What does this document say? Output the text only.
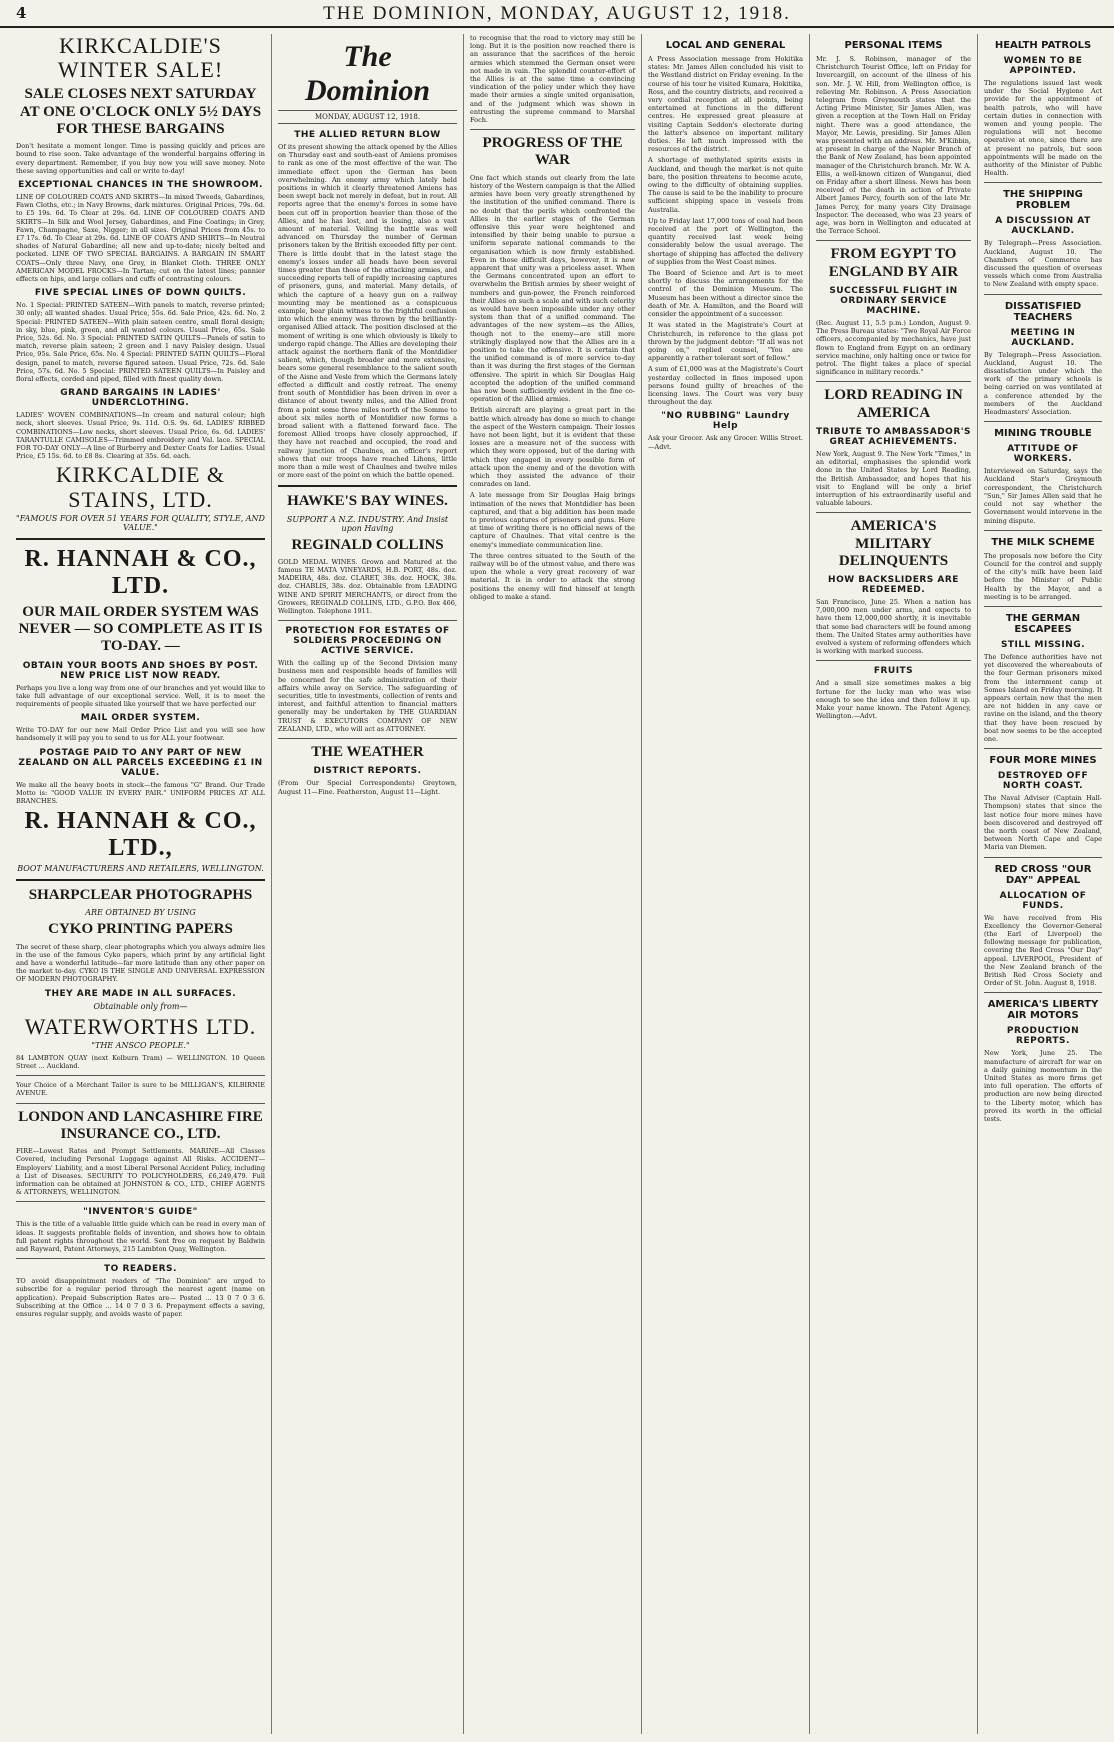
4	THE DOMINION, MONDAY, AUGUST 12, 1918.
KIRKCALDIE'S WINTER SALE!
SALE CLOSES NEXT SATURDAY AT ONE O'CLOCK ONLY 5½ DAYS FOR THESE BARGAINS

Don't hesitate a moment longer. Time is passing quickly and prices are bound to rise soon. Take advantage of the wonderful bargains offering in every department. Remember, if you buy now you will save money. Note these saving opportunities and call or write to-day!

EXCEPTIONAL CHANCES IN THE SHOWROOM.

LINE OF COLOURED COATS AND SKIRTS—In mixed Tweeds, Gabardines, Fawn Cloths, etc.; in Navy Browns, dark mixtures. Original Prices, 79s. 6d. to £5 19s. 6d. To Clear at 29s. 6d. LINE OF COLOURED COATS AND SKIRTS—In Silk and Wool Jersey, Gabardines, and Fine Coatings; in Grey, Fawn, Champagne, Saxe, Nigger; in all sizes. Original Prices from 45s. to £7 17s. 6d. To Clear at 29s. 6d. LINE OF COATS AND SHIRTS—In Neutral shades of Natural Gabardine; all new and up-to-date; nicely belted and pocketed. LINE OF TWO SPECIAL BARGAINS. A BARGAIN IN SMART COATS—Only three Navy, one Grey, in Blanket Cloth. THREE ONLY AMERICAN MODEL FROCKS—In Tartan; cut on the latest lines; pannier effects on hips, and large collars and cuffs of contrasting colours.

FIVE SPECIAL LINES OF DOWN QUILTS.

No. 1 Special: PRINTED SATEEN—With panels to match, reverse printed; 30 only; all wanted shades. Usual Price, 55s. 6d. Sale Price, 42s. 6d. No. 2 Special: PRINTED SATEEN—With plain sateen centre, small floral design; in sky, blue, pink, green, and all wanted colours. Usual Price, 65s. Sale Price, 52s. 6d. No. 3 Special: PRINTED SATIN QUILTS—Panels of satin to match, reverse plain sateen; 2 green and 1 navy Paisley design. Usual Price, 95s. Sale Price, 65s. No. 4 Special: PRINTED SATIN QUILTS—Floral design, panel to match, reverse figured sateen. Usual Price, 72s. 6d. Sale Price, 57s. 6d. No. 5 Special: PRINTED SATEEN QUILTS—In Paisley and floral effects, corded and piped, filled with finest quality down.

GRAND BARGAINS IN LADIES' UNDERCLOTHING.

LADIES' WOVEN COMBINATIONS—In cream and natural colour; high neck, short sleeves. Usual Price, 9s. 11d. O.S. 9s. 6d. LADIES' RIBBED COMBINATIONS—Low necks, short sleeves. Usual Price, 6s. 6d. LADIES' TARANTULLE CAMISOLES—Trimmed embroidery and Val. lace. SPECIAL FOR TO-DAY ONLY—A line of Burberry and Dexter Coats for Ladies. Usual Price, £5 15s. 6d. to £8 8s. Clearing at 35s. 6d. each.

KIRKCALDIE & STAINS, LTD.
"FAMOUS FOR OVER 51 YEARS FOR QUALITY, STYLE, AND VALUE."
R. HANNAH & CO., LTD.
OUR MAIL ORDER SYSTEM WAS NEVER — SO COMPLETE AS IT IS TO-DAY. —
OBTAIN YOUR BOOTS AND SHOES BY POST. NEW PRICE LIST NOW READY.

Perhaps you live a long way from one of our branches and yet would like to take full advantage of our exceptional service. Well, it is to meet the requirements of people situated like yourself that we have perfected our

MAIL ORDER SYSTEM.

Write TO-DAY for our new Mail Order Price List and you will see how handsomely it will pay you to send to us for ALL your footwear.

POSTAGE PAID TO ANY PART OF NEW ZEALAND ON ALL PARCELS EXCEEDING £1 IN VALUE.

We make all the heavy boots in stock—the famous "G" Brand. Our Trade Motto is: "GOOD VALUE IN EVERY PAIR." UNIFORM PRICES AT ALL BRANCHES.

R. HANNAH & CO., LTD.,
BOOT MANUFACTURERS AND RETAILERS, WELLINGTON.
SHARPCLEAR PHOTOGRAPHS
ARE OBTAINED BY USING
CYKO PRINTING PAPERS

The secret of these sharp, clear photographs which you always admire lies in the use of the famous Cyko papers, which print by any artificial light and have a wonderful latitude—far more latitude than any other paper on the market to-day. CYKO IS THE SINGLE AND UNIVERSAL EXPRESSION OF MODERN PHOTOGRAPHY.

THEY ARE MADE IN ALL SURFACES.
Obtainable only from—
WATERWORTHS LTD.
"THE ANSCO PEOPLE."

84 LAMBTON QUAY (next Kelburn Tram) — WELLINGTON. 10 Queen Street ... Auckland.

Your Choice of a Merchant Tailor is sure to be MILLIGAN'S, KILBIRNIE AVENUE.

LONDON AND LANCASHIRE FIRE INSURANCE CO., LTD.

FIRE—Lowest Rates and Prompt Settlements. MARINE—All Classes Covered, including Personal Luggage against All Risks. ACCIDENT—Employers' Liability, and a most Liberal Personal Accident Policy, including a List of Diseases. SECURITY TO POLICYHOLDERS, £6,249,479. Full information can be obtained at JOHNSTON & CO., LTD., CHIEF AGENTS & ATTORNEYS, WELLINGTON.

"INVENTOR'S GUIDE"

This is the title of a valuable little guide which can be read in every man of ideas. It suggests profitable fields of invention, and shows how to obtain full patent rights throughout the world. Sent free on request by Baldwin and Rayward, Patent Attorneys, 215 Lambton Quay, Wellington.

TO READERS.

TO avoid disappointment readers of "The Dominion" are urged to subscribe for a regular period through the nearest agent (name on application). Prepaid Subscription Rates are— Posted ... 13 0 7 0 3 6. Subscribing at the Office ... 14 0 7 0 3 6. Prepayment effects a saving, ensures regular supply, and avoids waste of paper.

The Dominion
MONDAY, AUGUST 12, 1918.
THE ALLIED RETURN BLOW

Of its present showing the attack opened by the Allies on Thursday east and south-east of Amiens promises to rank as one of the most effective of the war. The immediate effect upon the German has been overwhelming. An enemy army which lately held positions in which it clearly threatened Amiens has been swept back not merely in defeat, but in rout. All reports agree that the enemy's forces in some have been cut off in proportion heavier than those of the Allies, and he has lost, and is losing, also a vast amount of material. Veiling the battle was well advanced on Thursday the number of German prisoners taken by the British exceeded fifty per cent. There is little doubt that in the latest stage the enemy's losses under all heads have been several times greater than those of the attacking armies, and succeeding reports tell of rapidly increasing captures of prisoners, guns, and material. Many details, of which the capture of a heavy gun on a railway mounting may be mentioned as a conspicuous example, bear plain witness to the frightful confusion into which the enemy was thrown by the brilliantly-organised Allied attack. The position disclosed at the moment of writing is one which obviously is likely to undergo rapid change. The Allies are developing their attack against the northern flank of the Montdidier salient, which, though broader and more extensive, bears some general resemblance to the salient south of the Aisne and Vesle from which the Germans lately effected a difficult and costly retreat. The enemy front south of Montdidier has been driven in over a distance of about twenty miles, and the Allied front from a point some three miles north of the Somme to about six miles north of Montdidier now forms a broad salient with a flattened forward face. The foremost Allied troops have closely approached, if they have not reached and occupied, the road and railway junction of Chaulnes, an officer's report shows that our troops have reached Lihons, little more than a mile west of Chaulnes and twelve miles or more east of the point on which the battle opened.

HAWKE'S BAY WINES.
SUPPORT A N.Z. INDUSTRY. And Insist upon Having
REGINALD COLLINS

GOLD MEDAL WINES. Grown and Matured at the famous TE MATA VINEYARDS, H.B. PORT, 48s. doz. MADEIRA, 48s. doz. CLARET, 38s. doz. HOCK, 38s. doz. CHABLIS, 38s. doz. Obtainable from LEADING WINE AND SPIRIT MERCHANTS, or direct from the Growers, REGINALD COLLINS, LTD., G.P.O. Box 466, Wellington. Telephone 1911.

PROTECTION FOR ESTATES OF SOLDIERS PROCEEDING ON ACTIVE SERVICE.

With the calling up of the Second Division many business men and responsible heads of families will be concerned for the safe administration of their affairs while away on Service. The safeguarding of securities, title to investments, collection of rents and interest, and faithful attention to financial matters generally may be undertaken by THE GUARDIAN TRUST & EXECUTORS COMPANY OF NEW ZEALAND, LTD., who will act as ATTORNEY.

THE WEATHER
DISTRICT REPORTS.

(From Our Special Correspondents) Greytown, August 11—Fine. Featherston, August 11—Light.

to recognise that the road to victory may still be long. But it is the position now reached there is an assurance that the sacrifices of the heroic armies which stemmed the German onset were not made in vain. The splendid counter-effort of the Allies is at the same time a convincing vindication of the policy under which they have made their armies a single united organisation, and of the judgment which was shown in entrusting the supreme command to Marshal Foch.

PROGRESS OF THE WAR

One fact which stands out clearly from the late history of the Western campaign is that the Allied armies have been very greatly strengthened by the institution of the unified command. There is no doubt that the perils which confronted the Allies in the earlier stages of the German offensive this year were heightened and intensified by their being unable to pursue a uniform separate national commands to the organisation which is now firmly established. Even in those difficult days, however, it is now apparent that unity was a priceless asset. When the Germans concentrated upon an effort to overwhelm the British armies by sheer weight of numbers and gun-power, the French reinforced their Allies on such a scale and with such celerity as would have been impossible under any other system than that of a unified command. The advantages of the new system—as the Allies, though not to the enemy—are still more strikingly displayed now that the Allies are in a position to take the offensive. It is certain that the unified command is of more service to-day than it was during the first stages of the German offensive. The spirit in which Sir Douglas Haig accepted the adoption of the unified command has now been sufficiently evident in the fine co-operation of the Allied armies.

British aircraft are playing a great part in the battle which already has done so much to change the aspect of the Western campaign. Their losses have not been light, but it is evident that these losses are a measure not of the success with which they were opposed, but of the daring with which they engaged in every possible form of attack upon the enemy and of the devotion with which they assisted the advance of their comrades on land.

A late message from Sir Douglas Haig brings intimation of the news that Montdidier has been captured, and that a big addition has been made to previous captures of prisoners and guns. Here at time of writing there is no official news of the capture of Chaulnes. That vital centre is the enemy's immediate communication line.

The three centres situated to the South of the railway will be of the utmost value, and there was upon the whole a very great recovery of war material. It is in order to attack the strong positions the enemy will find himself at length obliged to make a stand.

LOCAL AND GENERAL

A Press Association message from Hokitika states: Mr. James Allen concluded his visit to the Westland district on Friday evening. In the course of his tour he visited Kumara, Hokitika, Ross, and the country districts, and received a very cordial reception at all points, being entertained at functions in the different centres. He expressed great pleasure at visiting Captain Seddon's electorate during the latter's absence on important military duties. He left much impressed with the resources of the district.

A shortage of methylated spirits exists in Auckland, and though the market is not quite bare, the position threatens to become acute, owing to the difficulty of obtaining supplies. The cause is said to be the inability to procure sufficient shipping space in vessels from Australia.

Up to Friday last 17,000 tons of coal had been received at the port of Wellington, the quantity received last week being considerably below the usual average. The shortage of shipping has affected the delivery of supplies from the West Coast mines.

The Board of Science and Art is to meet shortly to discuss the arrangements for the control of the Dominion Museum. The Museum has been without a director since the death of Mr. A. Hamilton, and the Board will consider the appointment of a successor.

It was stated in the Magistrate's Court at Christchurch, in reference to the glass pot thrown by the judgment debtor: "If all was not going on," replied counsel, "You are apparently a rather tolerant sort of fellow."

A sum of £1,000 was at the Magistrate's Court yesterday collected in fines imposed upon persons found guilty of breaches of the licensing laws. The Court was very busy throughout the day.

"NO RUBBING" Laundry Help

Ask your Grocer. Ask any Grocer. Willis Street.—Advt.

PERSONAL ITEMS

Mr. J. S. Robinson, manager of the Christchurch Tourist Office, left on Friday for Invercargill, on account of the illness of his son. Mr. J. W. Hill, from Wellington office, is relieving Mr. Robinson. A Press Association telegram from Greymouth states that the Acting Prime Minister, Sir James Allen, was given a reception at the Town Hall on Friday night. There was a good attendance, the Mayor, Mr. Lewis, presiding. Sir James Allen was presented with an address. Mr. M'Kibbin, at present in charge of the Napier Branch of the Bank of New Zealand, has been appointed manager of the Christchurch branch. Mr. W. A. Ellis, a well-known citizen of Wanganui, died on Friday after a short illness. News has been received of the death in action of Private Albert James Percy, fourth son of the late Mr. James Percy, for many years City Drainage Inspector. The deceased, who was 23 years of age, was born in Wellington and educated at the Terrace School.

FROM EGYPT TO ENGLAND BY AIR
SUCCESSFUL FLIGHT IN ORDINARY SERVICE MACHINE.

(Rec. August 11, 5.5 p.m.) London, August 9. The Press Bureau states: "Two Royal Air Force officers, accompanied by mechanics, have just flown to England from Egypt on an ordinary service machine, only halting once or twice for petrol. The flight takes a place of special significance in military records."

LORD READING IN AMERICA
TRIBUTE TO AMBASSADOR'S GREAT ACHIEVEMENTS.

New York, August 9. The New York "Times," in an editorial, emphasises the splendid work done in the United States by Lord Reading, the British Ambassador, and hopes that his visit to England will be only a brief interruption of his extraordinarily useful and valuable labours.

AMERICA'S MILITARY DELINQUENTS
HOW BACKSLIDERS ARE REDEEMED.

San Francisco, June 25. When a nation has 7,000,000 men under arms, and expects to have them 12,000,000 shortly, it is inevitable that some bad characters will be found among them. The United States army authorities have evolved a system of reforming offenders which is working with marked success.

FRUITS

And a small size sometimes makes a big fortune for the lucky man who was wise enough to see the idea and then follow it up. Make your name known. The Patent Agency, Wellington.—Advt.

HEALTH PATROLS
WOMEN TO BE APPOINTED.

The regulations issued last week under the Social Hygiene Act provide for the appointment of health patrols, who will have certain duties in connection with women and young people. The regulations will not become operative at once, since there are at present no patrols, but soon appointments will be made on the authority of the Minister of Public Health.

THE SHIPPING PROBLEM
A DISCUSSION AT AUCKLAND.

By Telegraph—Press Association. Auckland, August 10. The Chambers of Commerce has discussed the question of overseas vessels which come from Australia to New Zealand with empty space.

DISSATISFIED TEACHERS
MEETING IN AUCKLAND.

By Telegraph—Press Association. Auckland, August 10. The dissatisfaction under which the work of the primary schools is being carried on was ventilated at a conference attended by the members of the Auckland Headmasters' Association.

MINING TROUBLE
ATTITUDE OF WORKERS.

Interviewed on Saturday, says the Auckland Star's Greymouth correspondent, the Christchurch "Sun," Sir James Allen said that he could not say whether the Government would intervene in the mining dispute.

THE MILK SCHEME

The proposals now before the City Council for the control and supply of the city's milk have been laid before the Minister of Public Health by the Mayor, and a meeting is to be arranged.

THE GERMAN ESCAPEES
STILL MISSING.

The Defence authorities have not yet discovered the whereabouts of the four German prisoners mixed from the internment camp at Somes Island on Friday morning. It appears certain now that the men are not hidden in any cave or ravine on the island, and the theory that they have been rescued by boat now seems to be the accepted one.

FOUR MORE MINES
DESTROYED OFF NORTH COAST.

The Naval Adviser (Captain Hall-Thompson) states that since the last notice four more mines have been discovered and destroyed off the north coast of New Zealand, between North Cape and Cape Maria van Diemen.

RED CROSS "OUR DAY" APPEAL
ALLOCATION OF FUNDS.

We have received from His Excellency the Governor-General (the Earl of Liverpool) the following message for publication, covering the Red Cross "Our Day" appeal. LIVERPOOL, President of the New Zealand branch of the British Red Cross Society and Order of St. John. August 8, 1918.

AMERICA'S LIBERTY AIR MOTORS
PRODUCTION REPORTS.

New York, June 25. The manufacture of aircraft for war on a daily gaining momentum in the United States as more firms get into full operation. The efforts of production are now being directed to the Liberty motor, which has proved its worth in the official tests.
